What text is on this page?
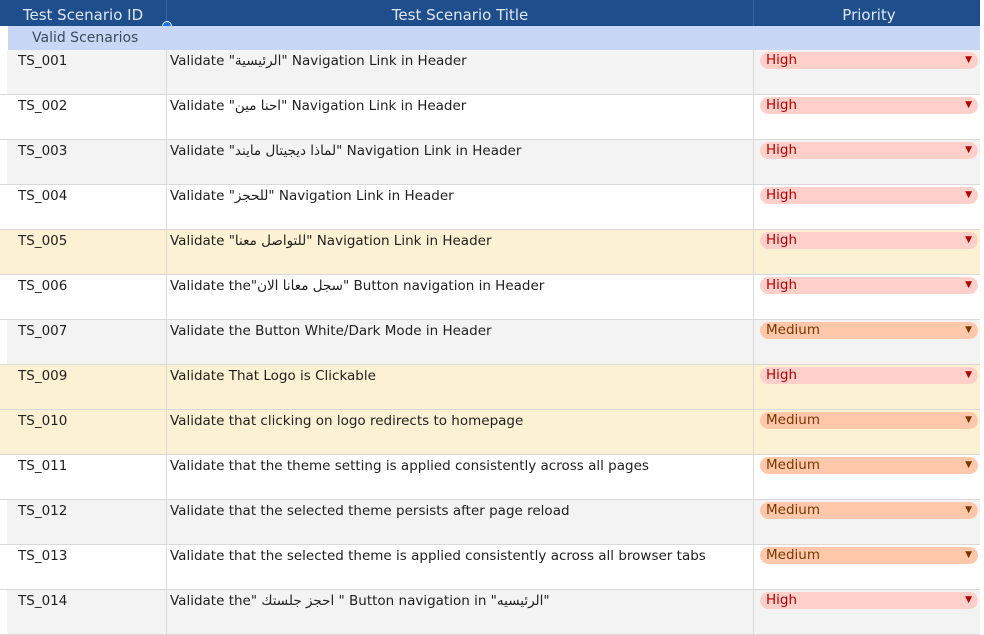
Test Scenario ID	Test Scenario Title	Priority
Valid Scenarios
TS_001	Validate "الرئيسية" Navigation Link in Header	High	▼
TS_002	Validate "احنا مين" Navigation Link in Header	High	▼
TS_003	Validate "لماذا ديجيتال مايند" Navigation Link in Header	High	▼
TS_004	Validate "للحجز" Navigation Link in Header	High	▼
TS_005	Validate "للتواصل معنا" Navigation Link in Header	High	▼
TS_006	Validate the"سجل معانا الان" Button navigation in Header	High	▼
TS_007	Validate the Button White/Dark Mode in Header	Medium	▼
TS_009	Validate That Logo is Clickable	High	▼
TS_010	Validate that clicking on logo redirects to homepage	Medium	▼
TS_011	Validate that the theme setting is applied consistently across all pages	Medium	▼
TS_012	Validate that the selected theme persists after page reload	Medium	▼
TS_013	Validate that the selected theme is applied consistently across all browser tabs	Medium	▼
TS_014	Validate the" احجز جلستك " Button navigation in "الرئيسيه"	High	▼
